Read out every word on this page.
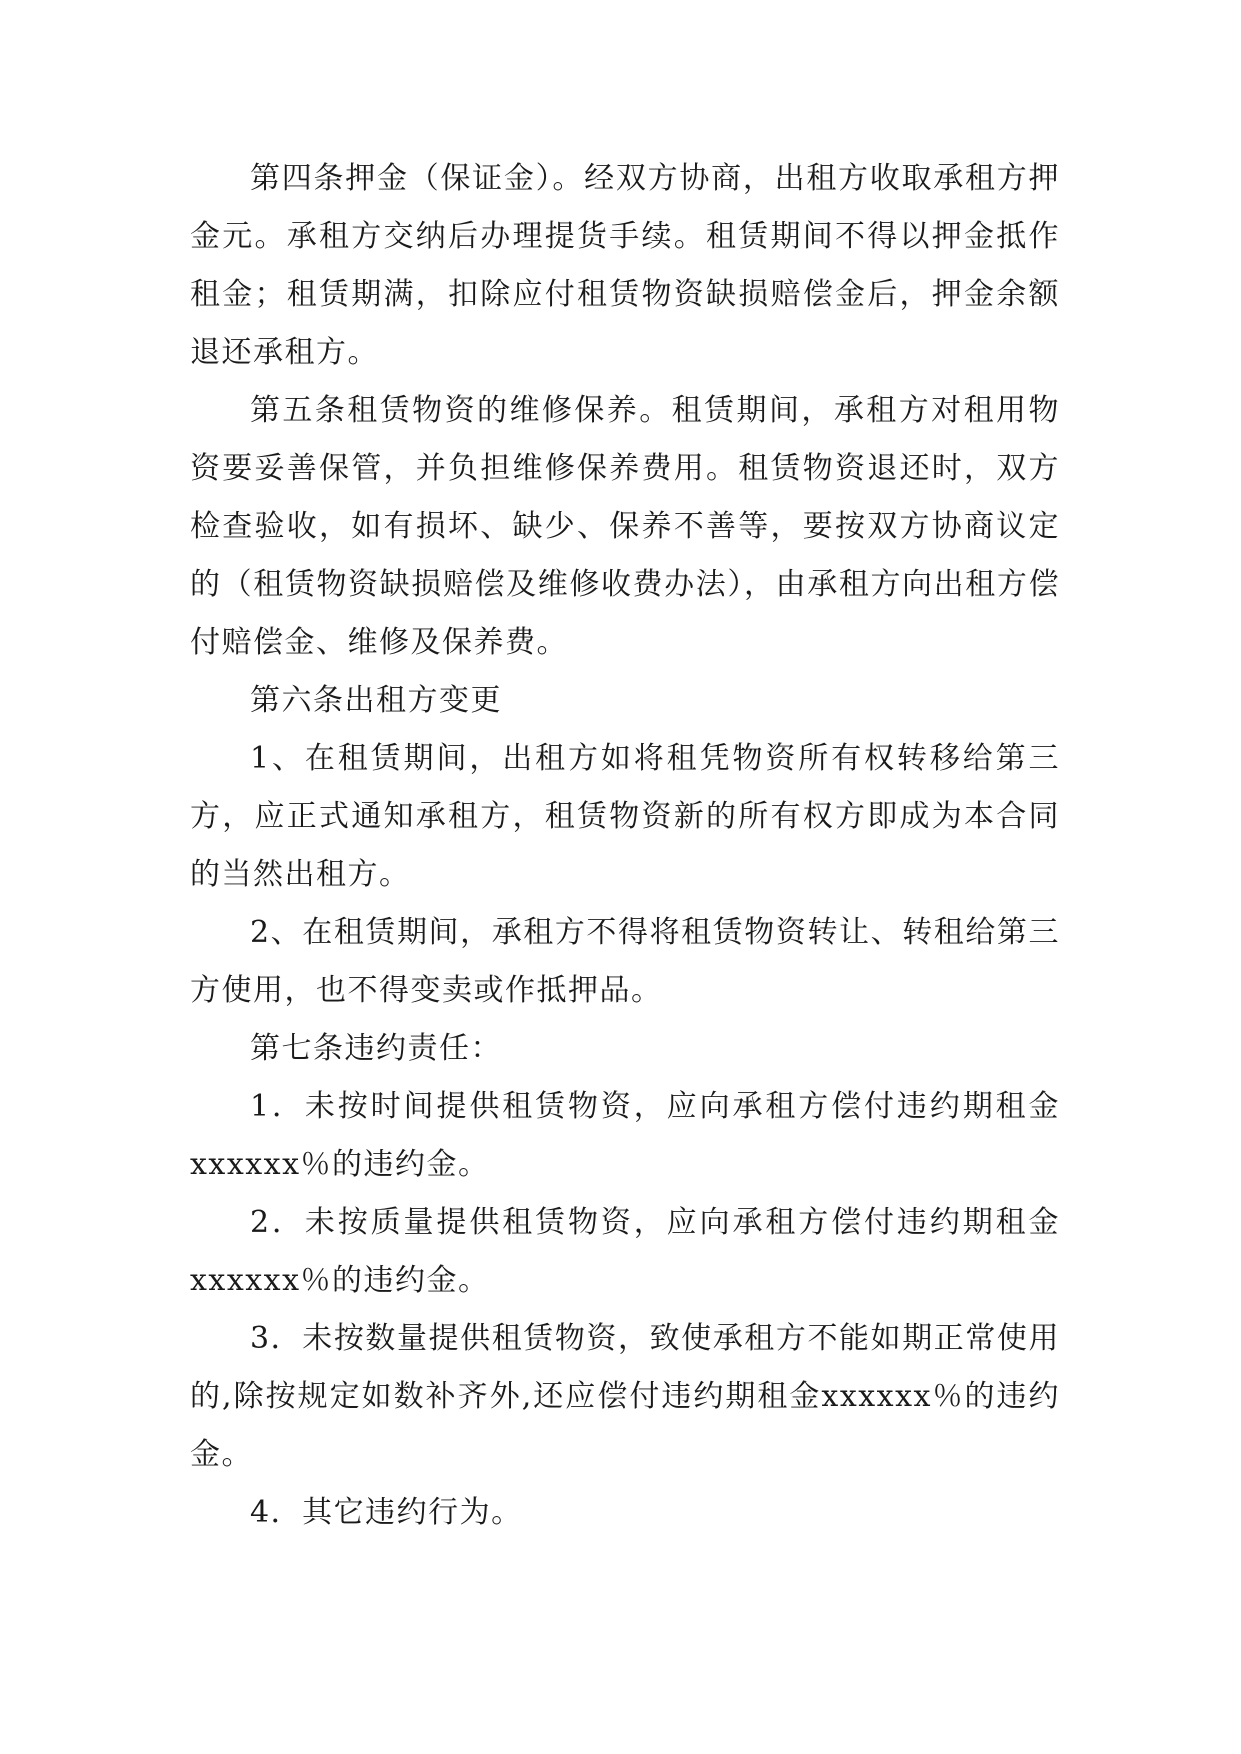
第四条押金（保证金）。经双方协商，出租方收取承租方押金元。承租方交纳后办理提货手续。租赁期间不得以押金抵作租金；租赁期满，扣除应付租赁物资缺损赔偿金后，押金余额退还承租方。

第五条租赁物资的维修保养。租赁期间，承租方对租用物资要妥善保管，并负担维修保养费用。租赁物资退还时，双方检查验收，如有损坏、缺少、保养不善等，要按双方协商议定的（租赁物资缺损赔偿及维修收费办法），由承租方向出租方偿付赔偿金、维修及保养费。

第六条出租方变更

1、在租赁期间，出租方如将租凭物资所有权转移给第三方，应正式通知承租方，租赁物资新的所有权方即成为本合同的当然出租方。

2、在租赁期间，承租方不得将租赁物资转让、转租给第三方使用，也不得变卖或作抵押品。

第七条违约责任：

1．未按时间提供租赁物资，应向承租方偿付违约期租金xxxxxx％的违约金。

2．未按质量提供租赁物资，应向承租方偿付违约期租金xxxxxx％的违约金。

3．未按数量提供租赁物资，致使承租方不能如期正常使用的,除按规定如数补齐外,还应偿付违约期租金xxxxxx％的违约金。

4．其它违约行为。
